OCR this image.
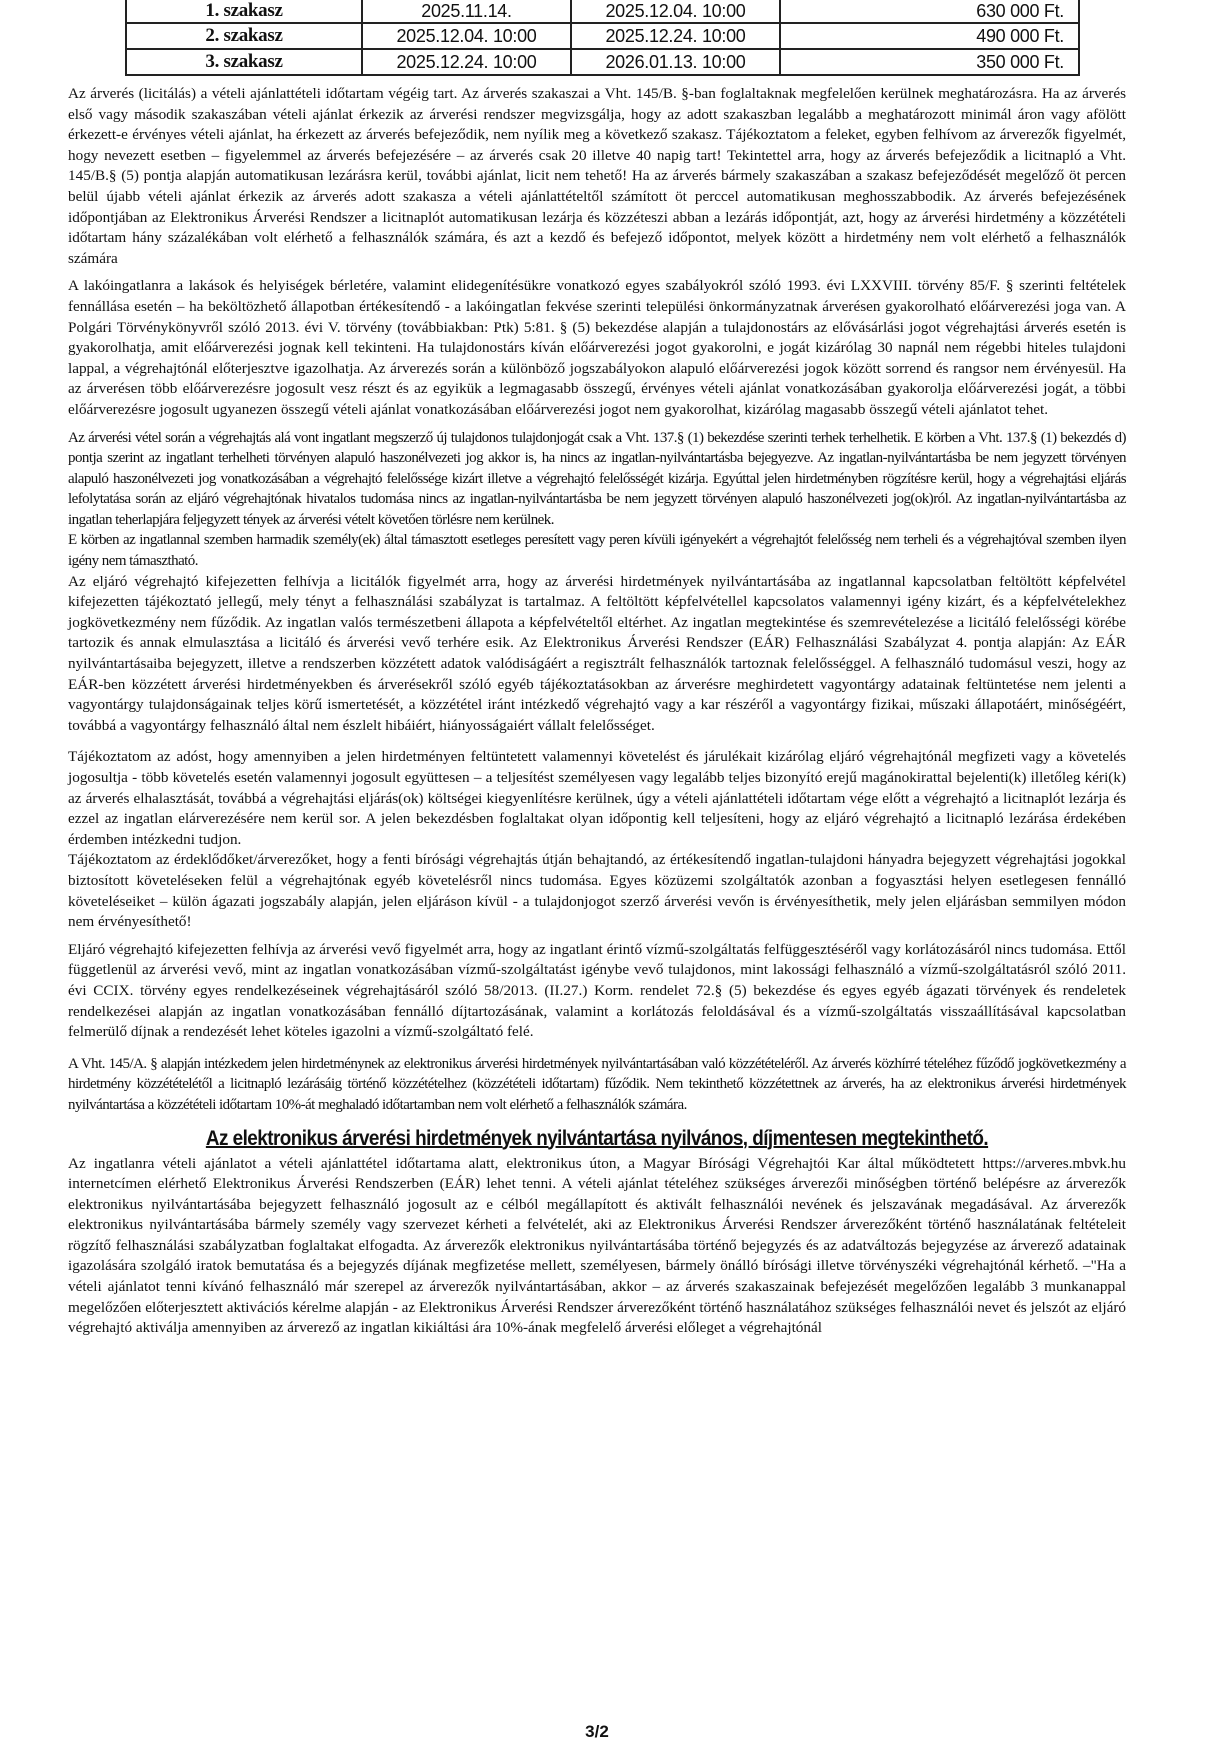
1. szakasz	2025.11.14.	2025.12.04. 10:00	630 000 Ft.
2. szakasz	2025.12.04. 10:00	2025.12.24. 10:00	490 000 Ft.
3. szakasz	2025.12.24. 10:00	2026.01.13. 10:00	350 000 Ft.

Az árverés (licitálás) a vételi ajánlattételi időtartam végéig tart. Az árverés szakaszai a Vht. 145/B. §-ban foglaltaknak megfelelően kerülnek meghatározásra. Ha az árverés első vagy második szakaszában vételi ajánlat érkezik az árverési rendszer megvizsgálja, hogy az adott szakaszban legalább a meghatározott minimál áron vagy afölött érkezett-e érvényes vételi ajánlat, ha érkezett az árverés befejeződik, nem nyílik meg a következő szakasz. Tájékoztatom a feleket, egyben felhívom az árverezők figyelmét, hogy nevezett esetben – figyelemmel az árverés befejezésére – az árverés csak 20 illetve 40 napig tart! Tekintettel arra, hogy az árverés befejeződik a licitnapló a Vht. 145/B.§ (5) pontja alapján automatikusan lezárásra kerül, további ajánlat, licit nem tehető! Ha az árverés bármely szakaszában a szakasz befejeződését megelőző öt percen belül újabb vételi ajánlat érkezik az árverés adott szakasza a vételi ajánlattételtől számított öt perccel automatikusan meghosszabbodik. Az árverés befejezésének időpontjában az Elektronikus Árverési Rendszer a licitnaplót automatikusan lezárja és közzéteszi abban a lezárás időpontját, azt, hogy az árverési hirdetmény a közzétételi időtartam hány százalékában volt elérhető a felhasználók számára, és azt a kezdő és befejező időpontot, melyek között a hirdetmény nem volt elérhető a felhasználók számára

A lakóingatlanra a lakások és helyiségek bérletére, valamint elidegenítésükre vonatkozó egyes szabályokról szóló 1993. évi LXXVIII. törvény 85/F. § szerinti feltételek fennállása esetén – ha beköltözhető állapotban értékesítendő - a lakóingatlan fekvése szerinti települési önkormányzatnak árverésen gyakorolható előárverezési joga van. A Polgári Törvénykönyvről szóló 2013. évi V. törvény (továbbiakban: Ptk) 5:81. § (5) bekezdése alapján a tulajdonostárs az elővásárlási jogot végrehajtási árverés esetén is gyakorolhatja, amit előárverezési jognak kell tekinteni. Ha tulajdonostárs kíván előárverezési jogot gyakorolni, e jogát kizárólag 30 napnál nem régebbi hiteles tulajdoni lappal, a végrehajtónál előterjesztve igazolhatja. Az árverezés során a különböző jogszabályokon alapuló előárverezési jogok között sorrend és rangsor nem érvényesül. Ha az árverésen több előárverezésre jogosult vesz részt és az egyikük a legmagasabb összegű, érvényes vételi ajánlat vonatkozásában gyakorolja előárverezési jogát, a többi előárverezésre jogosult ugyanezen összegű vételi ajánlat vonatkozásában előárverezési jogot nem gyakorolhat, kizárólag magasabb összegű vételi ajánlatot tehet.

Az árverési vétel során a végrehajtás alá vont ingatlant megszerző új tulajdonos tulajdonjogát csak a Vht. 137.§ (1) bekezdése szerinti terhek terhelhetik. E körben a Vht. 137.§ (1) bekezdés d) pontja szerint az ingatlant terhelheti törvényen alapuló haszonélvezeti jog akkor is, ha nincs az ingatlan-nyilvántartásba bejegyezve. Az ingatlan-nyilvántartásba be nem jegyzett törvényen alapuló haszonélvezeti jog vonatkozásában a végrehajtó felelőssége kizárt illetve a végrehajtó felelősségét kizárja. Egyúttal jelen hirdetményben rögzítésre kerül, hogy a végrehajtási eljárás lefolytatása során az eljáró végrehajtónak hivatalos tudomása nincs az ingatlan-nyilvántartásba be nem jegyzett törvényen alapuló haszonélvezeti jog(ok)ról. Az ingatlan-nyilvántartásba az ingatlan teherlapjára feljegyzett tények az árverési vételt követően törlésre nem kerülnek.

E körben az ingatlannal szemben harmadik személy(ek) által támasztott esetleges peresített vagy peren kívüli igényekért a végrehajtót felelősség nem terheli és a végrehajtóval szemben ilyen igény nem támasztható.

Az eljáró végrehajtó kifejezetten felhívja a licitálók figyelmét arra, hogy az árverési hirdetmények nyilvántartásába az ingatlannal kapcsolatban feltöltött képfelvétel kifejezetten tájékoztató jellegű, mely tényt a felhasználási szabályzat is tartalmaz. A feltöltött képfelvétellel kapcsolatos valamennyi igény kizárt, és a képfelvételekhez jogkövetkezmény nem fűződik. Az ingatlan valós természetbeni állapota a képfelvételtől eltérhet. Az ingatlan megtekintése és szemrevételezése a licitáló felelősségi körébe tartozik és annak elmulasztása a licitáló és árverési vevő terhére esik. Az Elektronikus Árverési Rendszer (EÁR) Felhasználási Szabályzat 4. pontja alapján: Az EÁR nyilvántartásaiba bejegyzett, illetve a rendszerben közzétett adatok valódiságáért a regisztrált felhasználók tartoznak felelősséggel. A felhasználó tudomásul veszi, hogy az EÁR-ben közzétett árverési hirdetményekben és árverésekről szóló egyéb tájékoztatásokban az árverésre meghirdetett vagyontárgy adatainak feltüntetése nem jelenti a vagyontárgy tulajdonságainak teljes körű ismertetését, a közzététel iránt intézkedő végrehajtó vagy a kar részéről a vagyontárgy fizikai, műszaki állapotáért, minőségéért, továbbá a vagyontárgy felhasználó által nem észlelt hibáiért, hiányosságaiért vállalt felelősséget.

Tájékoztatom az adóst, hogy amennyiben a jelen hirdetményen feltüntetett valamennyi követelést és járulékait kizárólag eljáró végrehajtónál megfizeti vagy a követelés jogosultja - több követelés esetén valamennyi jogosult együttesen – a teljesítést személyesen vagy legalább teljes bizonyító erejű magánokirattal bejelenti(k) illetőleg kéri(k) az árverés elhalasztását, továbbá a végrehajtási eljárás(ok) költségei kiegyenlítésre kerülnek, úgy a vételi ajánlattételi időtartam vége előtt a végrehajtó a licitnaplót lezárja és ezzel az ingatlan elárverezésére nem kerül sor. A jelen bekezdésben foglaltakat olyan időpontig kell teljesíteni, hogy az eljáró végrehajtó a licitnapló lezárása érdekében érdemben intézkedni tudjon.

Tájékoztatom az érdeklődőket/árverezőket, hogy a fenti bírósági végrehajtás útján behajtandó, az értékesítendő ingatlan-tulajdoni hányadra bejegyzett végrehajtási jogokkal biztosított követeléseken felül a végrehajtónak egyéb követelésről nincs tudomása. Egyes közüzemi szolgáltatók azonban a fogyasztási helyen esetlegesen fennálló követeléseiket – külön ágazati jogszabály alapján, jelen eljáráson kívül - a tulajdonjogot szerző árverési vevőn is érvényesíthetik, mely jelen eljárásban semmilyen módon nem érvényesíthető!

Eljáró végrehajtó kifejezetten felhívja az árverési vevő figyelmét arra, hogy az ingatlant érintő vízmű-szolgáltatás felfüggesztéséről vagy korlátozásáról nincs tudomása. Ettől függetlenül az árverési vevő, mint az ingatlan vonatkozásában vízmű-szolgáltatást igénybe vevő tulajdonos, mint lakossági felhasználó a vízmű-szolgáltatásról szóló 2011. évi CCIX. törvény egyes rendelkezéseinek végrehajtásáról szóló 58/2013. (II.27.) Korm. rendelet 72.§ (5) bekezdése és egyes egyéb ágazati törvények és rendeletek rendelkezései alapján az ingatlan vonatkozásában fennálló díjtartozásának, valamint a korlátozás feloldásával és a vízmű-szolgáltatás visszaállításával kapcsolatban felmerülő díjnak a rendezését lehet köteles igazolni a vízmű-szolgáltató felé.

A Vht. 145/A. § alapján intézkedem jelen hirdetménynek az elektronikus árverési hirdetmények nyilvántartásában való közzétételéről. Az árverés közhírré tételéhez fűződő jogkövetkezmény a hirdetmény közzétételétől a licitnapló lezárásáig történő közzétételhez (közzétételi időtartam) fűződik. Nem tekinthető közzétettnek az árverés, ha az elektronikus árverési hirdetmények nyilvántartása a közzétételi időtartam 10%-át meghaladó időtartamban nem volt elérhető a felhasználók számára.

Az elektronikus árverési hirdetmények nyilvántartása nyilvános, díjmentesen megtekinthető.

Az ingatlanra vételi ajánlatot a vételi ajánlattétel időtartama alatt, elektronikus úton, a Magyar Bírósági Végrehajtói Kar által működtetett https://arveres.mbvk.hu internetcímen elérhető Elektronikus Árverési Rendszerben (EÁR) lehet tenni. A vételi ajánlat tételéhez szükséges árverezői minőségben történő belépésre az árverezők elektronikus nyilvántartásába bejegyzett felhasználó jogosult az e célból megállapított és aktivált felhasználói nevének és jelszavának megadásával. Az árverezők elektronikus nyilvántartásába bármely személy vagy szervezet kérheti a felvételét, aki az Elektronikus Árverési Rendszer árverezőként történő használatának feltételeit rögzítő felhasználási szabályzatban foglaltakat elfogadta. Az árverezők elektronikus nyilvántartásába történő bejegyzés és az adatváltozás bejegyzése az árverező adatainak igazolására szolgáló iratok bemutatása és a bejegyzés díjának megfizetése mellett, személyesen, bármely önálló bírósági illetve törvényszéki végrehajtónál kérhető. –"Ha a vételi ajánlatot tenni kívánó felhasználó már szerepel az árverezők nyilvántartásában, akkor – az árverés szakaszainak befejezését megelőzően legalább 3 munkanappal megelőzően előterjesztett aktivációs kérelme alapján - az Elektronikus Árverési Rendszer árverezőként történő használatához szükséges felhasználói nevet és jelszót az eljáró végrehajtó aktiválja amennyiben az árverező az ingatlan kikiáltási ára 10%-ának megfelelő árverési előleget a végrehajtónál

3/2
